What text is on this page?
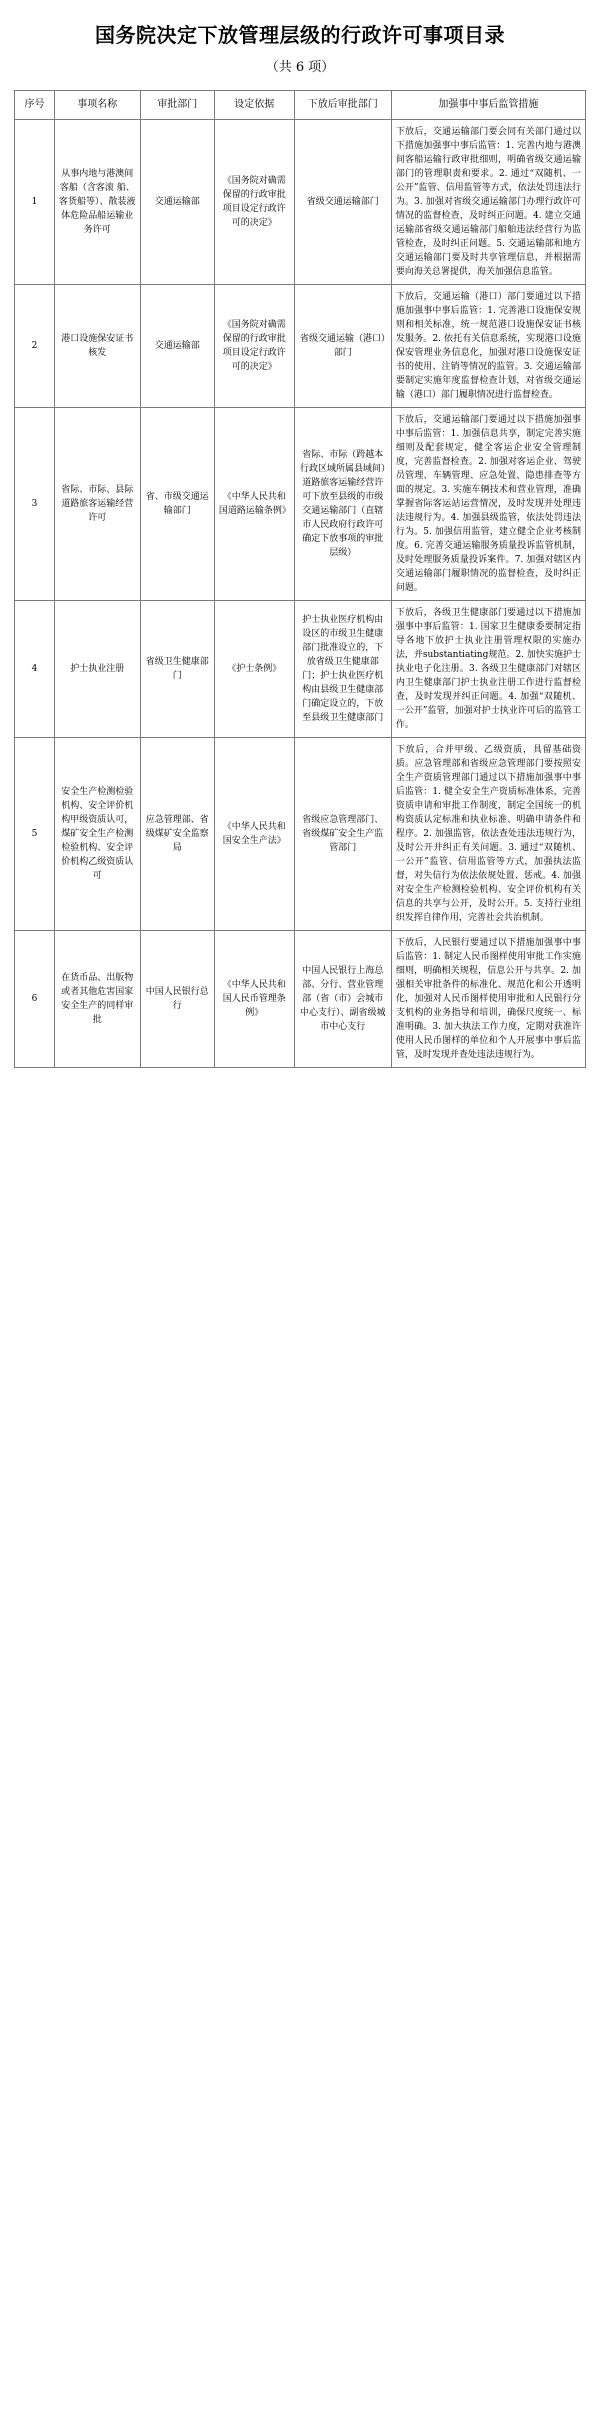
国务院决定下放管理层级的行政许可事项目录
（共 6 项）
序号	事项名称	审批部门	设定依据	下放后审批部门	加强事中事后监管措施
1	从事内地与港澳间客船（含客滚 船、客货船等）、散装液体危险品船运输业务许可	交通运输部	《国务院对确需保留的行政审批项目设定行政许可的决定》	省级交通运输部门	下放后，交通运输部门要会同有关部门通过以下措施加强事中事后监管：1. 完善内地与港澳间客船运输行政审批细则，明确省级交通运输部门的管理职责和要求。2. 通过“双随机、一公开”监管、信用监管等方式，依法处罚违法行为。3. 加强对省级交通运输部门办理行政许可情况的监督检查，及时纠正问题。4. 建立交通运输部省级交通运输部门船舶违法经营行为监管检查，及时纠正问题。5. 交通运输部和地方交通运输部门要及时共享管理信息，并根据需要向海关总署提供，海关加强信息监管。
2	港口设施保安证书核发	交通运输部	《国务院对确需保留的行政审批项目设定行政许可的决定》	省级交通运输（港口）部门	下放后，交通运输（港口）部门要通过以下措施加强事中事后监管：1. 完善港口设施保安规则和相关标准，统一规范港口设施保安证书核发服务。2. 依托有关信息系统，实现港口设施保安管理业务信息化，加强对港口设施保安证书的使用、注销等情况的监管。3. 交通运输部要制定实施年度监督检查计划，对省级交通运输（港口）部门履职情况进行监督检查。
3	省际、市际、县际道路旅客运输经营许可	省、市级交通运输部门	《中华人民共和国道路运输条例》	省际、市际（跨越本行政区域所属县域间）道路旅客运输经营许可下放至县级的市级交通运输部门（直辖市人民政府行政许可确定下放事项的审批层级）	下放后，交通运输部门要通过以下措施加强事中事后监管：1. 加强信息共享，制定完善实施细则及配套规定，健全客运企业安全管理制度，完善监督检查。2. 加强对客运企业、驾驶员管理、车辆管理、应急处置、隐患排查等方面的规定。3. 实施车辆技术和营业管理，准确掌握省际客运站运营情况，及时发现并处理违法违规行为。4. 加强县级监管，依法处罚违法行为。5. 加强信用监管，建立健全企业考核制度。6. 完善交通运输服务质量投诉监管机制，及时处理服务质量投诉案件。7. 加强对辖区内交通运输部门履职情况的监督检查，及时纠正问题。
4	护士执业注册	省级卫生健康部门	《护士条例》	护士执业医疗机构由设区的市级卫生健康部门批准设立的，下放省级卫生健康部门；护士执业医疗机构由县级卫生健康部门确定设立的，下放至县级卫生健康部门	下放后，各级卫生健康部门要通过以下措施加强事中事后监管：1. 国家卫生健康委要制定指导各地下放护士执业注册管理权限的实施办法，并substantiating规范。2. 加快实施护士执业电子化注册。3. 各级卫生健康部门对辖区内卫生健康部门护士执业注册工作进行监督检查，及时发现并纠正问题。4. 加强“双随机、一公开”监管，加强对护士执业许可后的监管工作。
5	安全生产检测检验机构、安全评价机构甲级资质认可，煤矿安全生产检测检验机构、安全评价机构乙级资质认可	应急管理部、省级煤矿安全监察局	《中华人民共和国安全生产法》	省级应急管理部门、省级煤矿安全生产监管部门	下放后，合并甲级、乙级资质，具留基础资质。应急管理部和省级应急管理部门要按照安全生产资质管理部门通过以下措施加强事中事后监管：1. 健全安全生产资质标准体系，完善资质申请和审批工作制度，制定全国统一的机构资质认定标准和执业标准、明确申请条件和程序。2. 加强监管，依法查处违法违规行为，及时公开并纠正有关问题。3. 通过“双随机、一公开”监管、信用监管等方式，加强执法监督，对失信行为依法依规处置、惩戒。4. 加强对安全生产检测检验机构、安全评价机构有关信息的共享与公开，及时公开。5. 支持行业组织发挥自律作用，完善社会共治机制。
6	在货币品、出版物或者其他危害国家安全生产的同样审批	中国人民银行总行	《中华人民共和国人民币管理条例》	中国人民银行上海总部、分行、营业管理部（省（市）会城市中心支行）、副省级城市中心支行	下放后，人民银行要通过以下措施加强事中事后监管：1. 制定人民币图样使用审批工作实施细则，明确相关规程，信息公开与共享。2. 加强相关审批条件的标准化、规范化和公开透明化，加强对人民币图样使用审批和人民银行分支机构的业务指导和培训，确保尺度统一、标准明确。3. 加大执法工作力度，定期对获准许使用人民币图样的单位和个人开展事中事后监管，及时发现并查处违法违规行为。
